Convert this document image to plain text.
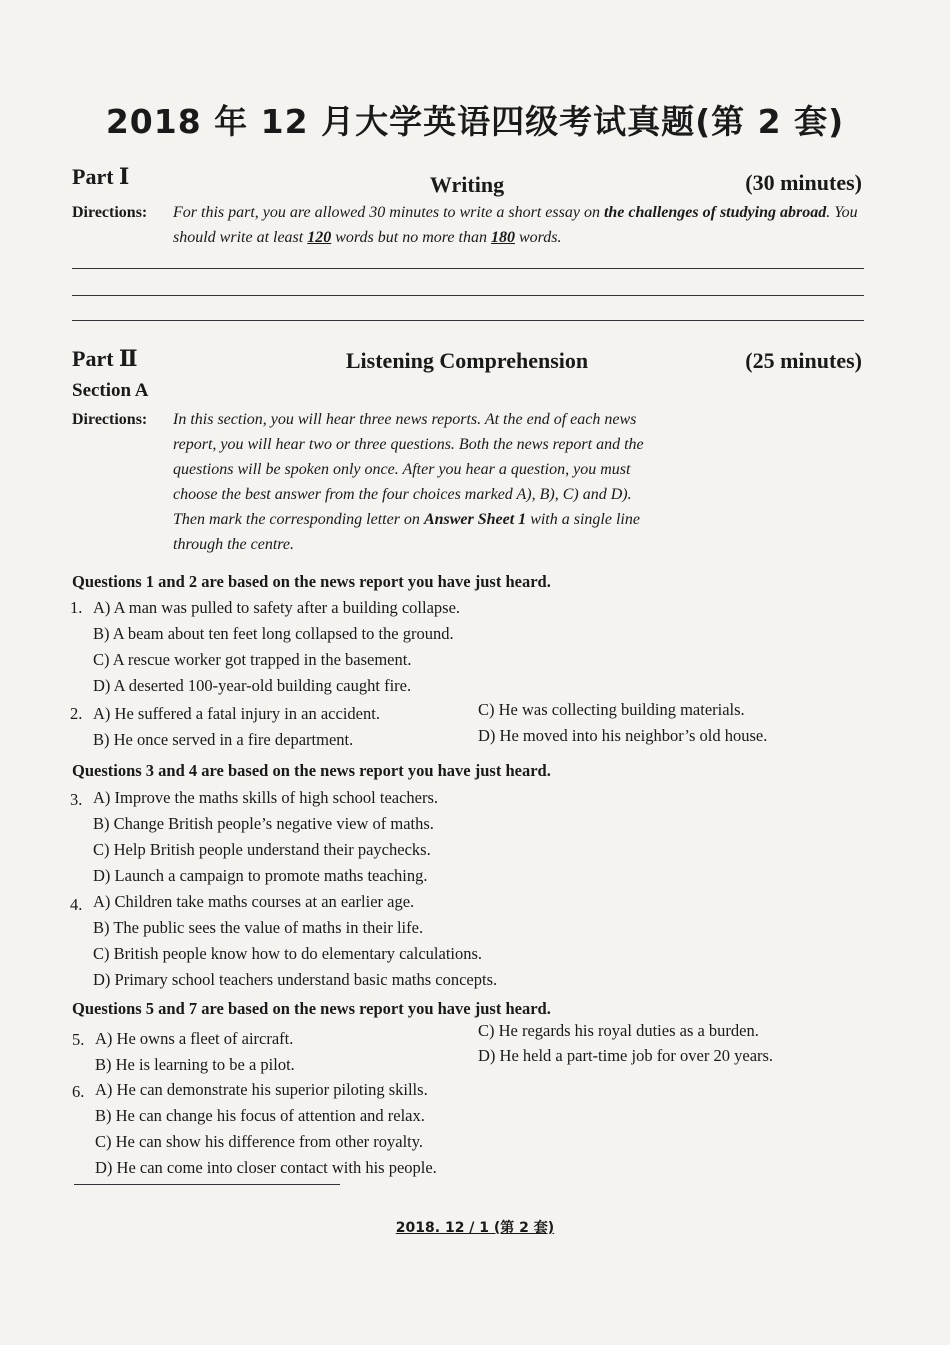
2018 年 12 月大学英语四级考试真题(第 2 套)
Part Ⅰ	Writing	(30 minutes)
Directions: For this part, you are allowed 30 minutes to write a short essay on the challenges of studying abroad. You should write at least 120 words but no more than 180 words.
Part Ⅱ	Listening Comprehension	(25 minutes)
Section A
Directions: In this section, you will hear three news reports. At the end of each news
report, you will hear two or three questions. Both the news report and the
questions will be spoken only once. After you hear a question, you must
choose the best answer from the four choices marked A), B), C) and D).
Then mark the corresponding letter on Answer Sheet 1 with a single line
through the centre.
Questions 1 and 2 are based on the news report you have just heard.
1. A) A man was pulled to safety after a building collapse.
B) A beam about ten feet long collapsed to the ground.
C) A rescue worker got trapped in the basement.
D) A deserted 100-year-old building caught fire.
2. A) He suffered a fatal injury in an accident.
B) He once served in a fire department.
C) He was collecting building materials.
D) He moved into his neighbor’s old house.
Questions 3 and 4 are based on the news report you have just heard.
3. A) Improve the maths skills of high school teachers.
B) Change British people’s negative view of maths.
C) Help British people understand their paychecks.
D) Launch a campaign to promote maths teaching.
4. A) Children take maths courses at an earlier age.
B) The public sees the value of maths in their life.
C) British people know how to do elementary calculations.
D) Primary school teachers understand basic maths concepts.
Questions 5 and 7 are based on the news report you have just heard.
5. A) He owns a fleet of aircraft.
B) He is learning to be a pilot.
C) He regards his royal duties as a burden.
D) He held a part-time job for over 20 years.
6. A) He can demonstrate his superior piloting skills.
B) He can change his focus of attention and relax.
C) He can show his difference from other royalty.
D) He can come into closer contact with his people.
2018. 12 / 1 (第 2 套)
